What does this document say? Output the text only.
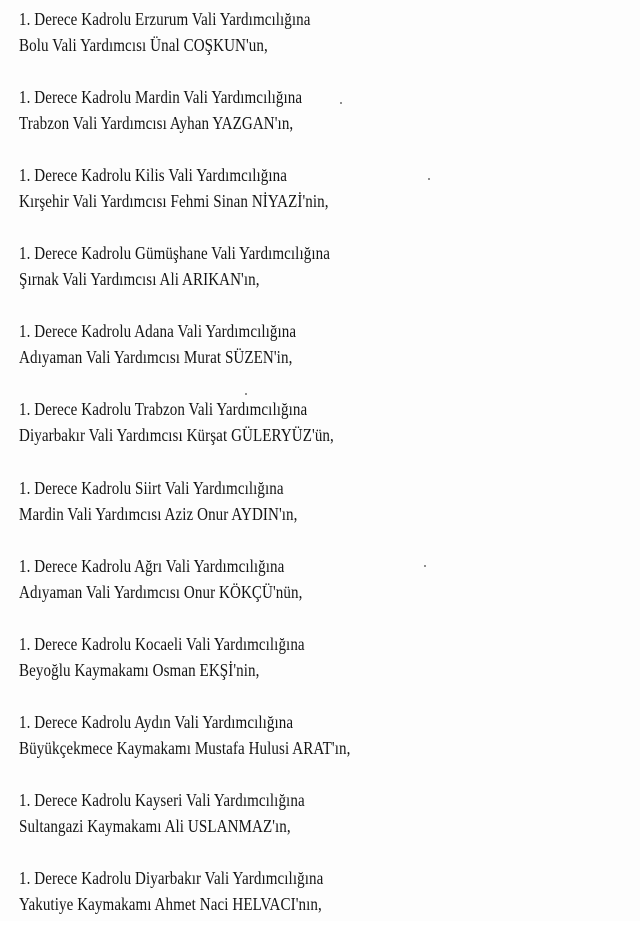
1. Derece Kadrolu Erzurum Vali Yardımcılığına
Bolu Vali Yardımcısı Ünal COŞKUN'un,
1. Derece Kadrolu Mardin Vali Yardımcılığına
Trabzon Vali Yardımcısı Ayhan YAZGAN'ın,
1. Derece Kadrolu Kilis Vali Yardımcılığına
Kırşehir Vali Yardımcısı Fehmi Sinan NİYAZİ'nin,
1. Derece Kadrolu Gümüşhane Vali Yardımcılığına
Şırnak Vali Yardımcısı Ali ARIKAN'ın,
1. Derece Kadrolu Adana Vali Yardımcılığına
Adıyaman Vali Yardımcısı Murat SÜZEN'in,
1. Derece Kadrolu Trabzon Vali Yardımcılığına
Diyarbakır Vali Yardımcısı Kürşat GÜLERYÜZ'ün,
1. Derece Kadrolu Siirt Vali Yardımcılığına
Mardin Vali Yardımcısı Aziz Onur AYDIN'ın,
1. Derece Kadrolu Ağrı Vali Yardımcılığına
Adıyaman Vali Yardımcısı Onur KÖKÇÜ'nün,
1. Derece Kadrolu Kocaeli Vali Yardımcılığına
Beyoğlu Kaymakamı Osman EKŞİ'nin,
1. Derece Kadrolu Aydın Vali Yardımcılığına
Büyükçekmece Kaymakamı Mustafa Hulusi ARAT'ın,
1. Derece Kadrolu Kayseri Vali Yardımcılığına
Sultangazi Kaymakamı Ali USLANMAZ'ın,
1. Derece Kadrolu Diyarbakır Vali Yardımcılığına
Yakutiye Kaymakamı Ahmet Naci HELVACI'nın,
